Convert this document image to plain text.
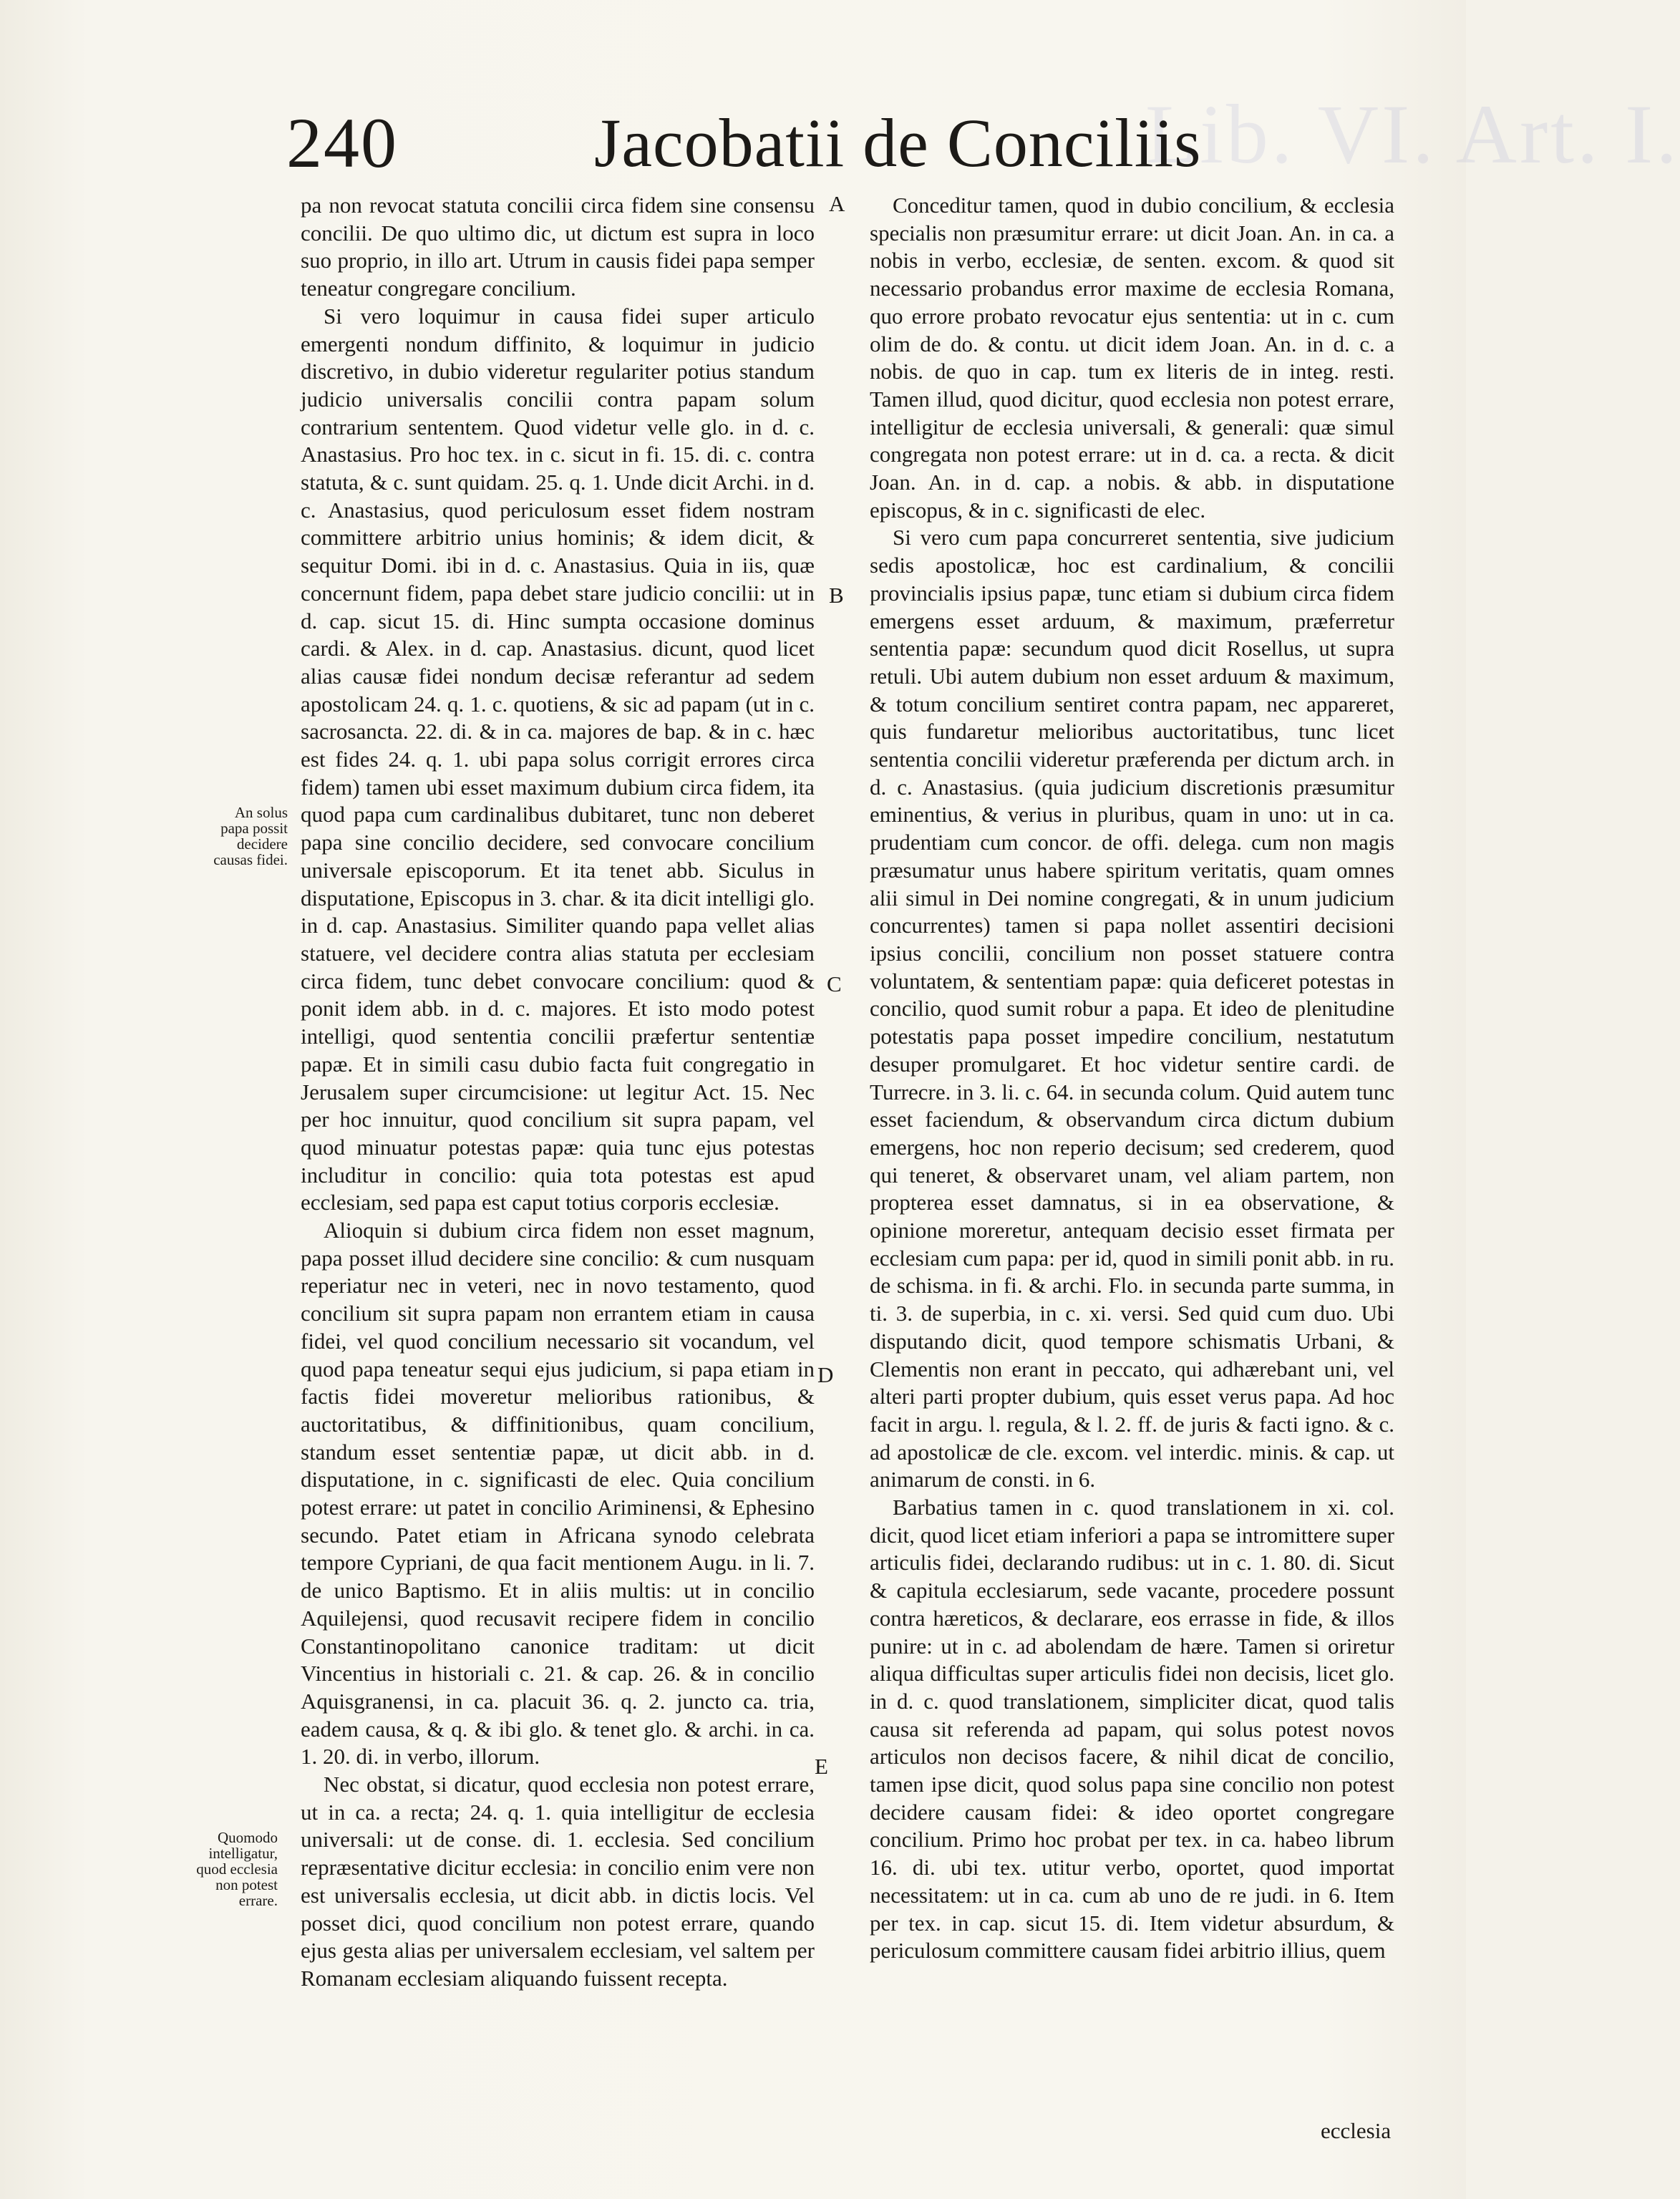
Lib. VI. Art. I.
240	Jacobatii de Conciliis
An solus papa possit decidere causas fidei.
Quomodo intelligatur, quod ecclesia non potest errare.
A
B
C
D
E

pa non revocat statuta concilii circa fidem sine consensu concilii. De quo ultimo dic, ut dictum est supra in loco suo proprio, in illo art. Utrum in causis fidei papa semper teneatur congregare concilium.

Si vero loquimur in causa fidei super articulo emergenti nondum diffinito, & loquimur in judicio discretivo, in dubio videretur regulariter potius standum judicio universalis concilii contra papam solum contrarium sententem. Quod videtur velle glo. in d. c. Anastasius. Pro hoc tex. in c. sicut in fi. 15. di. c. contra statuta, & c. sunt quidam. 25. q. 1. Unde dicit Archi. in d. c. Anastasius, quod periculosum esset fidem nostram committere arbitrio unius hominis; & idem dicit, & sequitur Domi. ibi in d. c. Anastasius. Quia in iis, quæ concernunt fidem, papa debet stare judicio concilii: ut in d. cap. sicut 15. di. Hinc sumpta occasione dominus cardi. & Alex. in d. cap. Anastasius. dicunt, quod licet alias causæ fidei nondum decisæ referantur ad sedem apostolicam 24. q. 1. c. quotiens, & sic ad papam (ut in c. sacrosancta. 22. di. & in ca. majores de bap. & in c. hæc est fides 24. q. 1. ubi papa solus corrigit errores circa fidem) tamen ubi esset maximum dubium circa fidem, ita quod papa cum cardinalibus dubitaret, tunc non deberet papa sine concilio decidere, sed convocare concilium universale episcoporum. Et ita tenet abb. Siculus in disputatione, Episcopus in 3. char. & ita dicit intelligi glo. in d. cap. Anastasius. Similiter quando papa vellet alias statuere, vel decidere contra alias statuta per ecclesiam circa fidem, tunc debet convocare concilium: quod & ponit idem abb. in d. c. majores. Et isto modo potest intelligi, quod sententia concilii præfertur sententiæ papæ. Et in simili casu dubio facta fuit congregatio in Jerusalem super circumcisione: ut legitur Act. 15. Nec per hoc innuitur, quod concilium sit supra papam, vel quod minuatur potestas papæ: quia tunc ejus potestas includitur in concilio: quia tota potestas est apud ecclesiam, sed papa est caput totius corporis ecclesiæ.

Alioquin si dubium circa fidem non esset magnum, papa posset illud decidere sine concilio: & cum nusquam reperiatur nec in veteri, nec in novo testamento, quod concilium sit supra papam non errantem etiam in causa fidei, vel quod concilium necessario sit vocandum, vel quod papa teneatur sequi ejus judicium, si papa etiam in factis fidei moveretur melioribus rationibus, & auctoritatibus, & diffinitionibus, quam concilium, standum esset sententiæ papæ, ut dicit abb. in d. disputatione, in c. significasti de elec. Quia concilium potest errare: ut patet in concilio Ariminensi, & Ephesino secundo. Patet etiam in Africana synodo celebrata tempore Cypriani, de qua facit mentionem Augu. in li. 7. de unico Baptismo. Et in aliis multis: ut in concilio Aquilejensi, quod recusavit recipere fidem in concilio Constantinopolitano canonice traditam: ut dicit Vincentius in historiali c. 21. & cap. 26. & in concilio Aquisgranensi, in ca. placuit 36. q. 2. juncto ca. tria, eadem causa, & q. & ibi glo. & tenet glo. & archi. in ca. 1. 20. di. in verbo, illorum.

Nec obstat, si dicatur, quod ecclesia non potest errare, ut in ca. a recta; 24. q. 1. quia intelligitur de ecclesia universali: ut de conse. di. 1. ecclesia. Sed concilium repræsentative dicitur ecclesia: in concilio enim vere non est universalis ecclesia, ut dicit abb. in dictis locis. Vel posset dici, quod concilium non potest errare, quando ejus gesta alias per universalem ecclesiam, vel saltem per Romanam ecclesiam aliquando fuissent recepta.

Conceditur tamen, quod in dubio concilium, & ecclesia specialis non præsumitur errare: ut dicit Joan. An. in ca. a nobis in verbo, ecclesiæ, de senten. excom. & quod sit necessario probandus error maxime de ecclesia Romana, quo errore probato revocatur ejus sententia: ut in c. cum olim de do. & contu. ut dicit idem Joan. An. in d. c. a nobis. de quo in cap. tum ex literis de in integ. resti. Tamen illud, quod dicitur, quod ecclesia non potest errare, intelligitur de ecclesia universali, & generali: quæ simul congregata non potest errare: ut in d. ca. a recta. & dicit Joan. An. in d. cap. a nobis. & abb. in disputatione episcopus, & in c. significasti de elec.

Si vero cum papa concurreret sententia, sive judicium sedis apostolicæ, hoc est cardinalium, & concilii provincialis ipsius papæ, tunc etiam si dubium circa fidem emergens esset arduum, & maximum, præferretur sententia papæ: secundum quod dicit Rosellus, ut supra retuli. Ubi autem dubium non esset arduum & maximum, & totum concilium sentiret contra papam, nec appareret, quis fundaretur melioribus auctoritatibus, tunc licet sententia concilii videretur præferenda per dictum arch. in d. c. Anastasius. (quia judicium discretionis præsumitur eminentius, & verius in pluribus, quam in uno: ut in ca. prudentiam cum concor. de offi. delega. cum non magis præsumatur unus habere spiritum veritatis, quam omnes alii simul in Dei nomine congregati, & in unum judicium concurrentes) tamen si papa nollet assentiri decisioni ipsius concilii, concilium non posset statuere contra voluntatem, & sententiam papæ: quia deficeret potestas in concilio, quod sumit robur a papa. Et ideo de plenitudine potestatis papa posset impedire concilium, nestatutum desuper promulgaret. Et hoc videtur sentire cardi. de Turrecre. in 3. li. c. 64. in secunda colum. Quid autem tunc esset faciendum, & observandum circa dictum dubium emergens, hoc non reperio decisum; sed crederem, quod qui teneret, & observaret unam, vel aliam partem, non propterea esset damnatus, si in ea observatione, & opinione moreretur, antequam decisio esset firmata per ecclesiam cum papa: per id, quod in simili ponit abb. in ru. de schisma. in fi. & archi. Flo. in secunda parte summa, in ti. 3. de superbia, in c. xi. versi. Sed quid cum duo. Ubi disputando dicit, quod tempore schismatis Urbani, & Clementis non erant in peccato, qui adhærebant uni, vel alteri parti propter dubium, quis esset verus papa. Ad hoc facit in argu. l. regula, & l. 2. ff. de juris & facti igno. & c. ad apostolicæ de cle. excom. vel interdic. minis. & cap. ut animarum de consti. in 6.

Barbatius tamen in c. quod translationem in xi. col. dicit, quod licet etiam inferiori a papa se intromittere super articulis fidei, declarando rudibus: ut in c. 1. 80. di. Sicut & capitula ecclesiarum, sede vacante, procedere possunt contra hæreticos, & declarare, eos errasse in fide, & illos punire: ut in c. ad abolendam de hære. Tamen si oriretur aliqua difficultas super articulis fidei non decisis, licet glo. in d. c. quod translationem, simpliciter dicat, quod talis causa sit referenda ad papam, qui solus potest novos articulos non decisos facere, & nihil dicat de concilio, tamen ipse dicit, quod solus papa sine concilio non potest decidere causam fidei: & ideo oportet congregare concilium. Primo hoc probat per tex. in ca. habeo librum 16. di. ubi tex. utitur verbo, oportet, quod importat necessitatem: ut in ca. cum ab uno de re judi. in 6. Item per tex. in cap. sicut 15. di. Item videtur absurdum, & periculosum committere causam fidei arbitrio illius, quem

ecclesia
